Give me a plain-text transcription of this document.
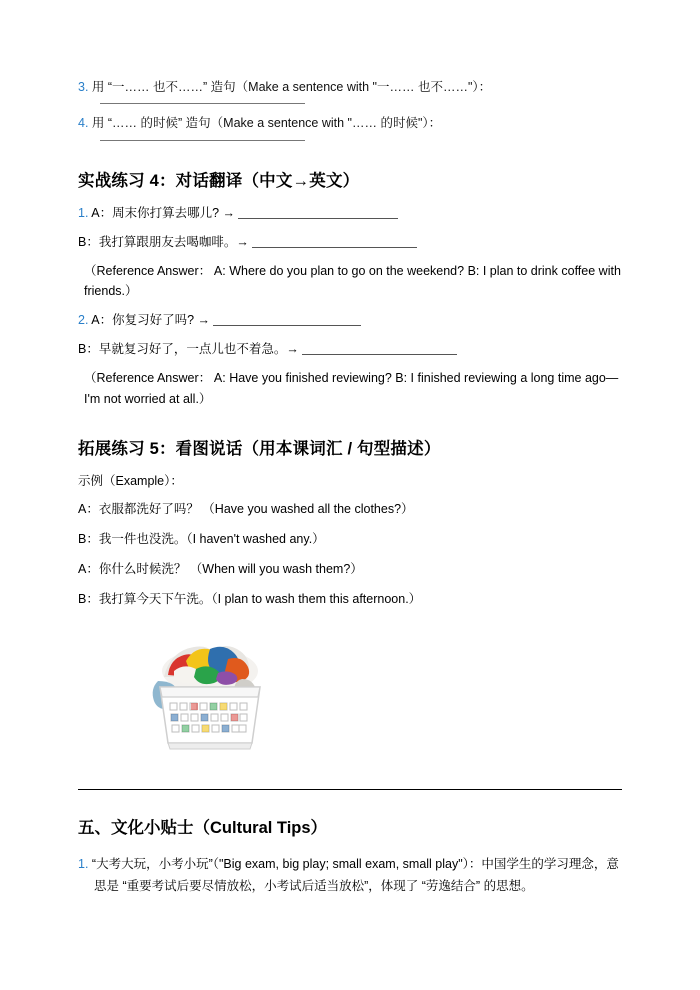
3. 用 “一…… 也不……” 造句（Make a sentence with "一…… 也不……"）：

4. 用 “…… 的时候” 造句（Make a sentence with "…… 的时候"）：

实战练习 4：对话翻译（中文→英文）

1. A：周末你打算去哪儿? →

B：我打算跟朋友去喝咖啡。→

（Reference Answer： A: Where do you plan to go on the weekend? B: I plan to drink coffee with friends.）

2. A：你复习好了吗? →

B：早就复习好了，一点儿也不着急。→

（Reference Answer： A: Have you finished reviewing? B: I finished reviewing a long time ago—I'm not worried at all.）

拓展练习 5：看图说话（用本课词汇 / 句型描述）

示例（Example）：

A：衣服都洗好了吗？ （Have you washed all the clothes?）

B：我一件也没洗。（I haven't washed any.）

A：你什么时候洗？ （When will you wash them?）

B：我打算今天下午洗。（I plan to wash them this afternoon.）

五、文化小贴士（Cultural Tips）

1. “大考大玩，小考小玩”（"Big exam, big play; small exam, small play"）：中国学生的学习理念，意思是 “重要考试后要尽情放松，小考试后适当放松”，体现了 “劳逸结合” 的思想。
